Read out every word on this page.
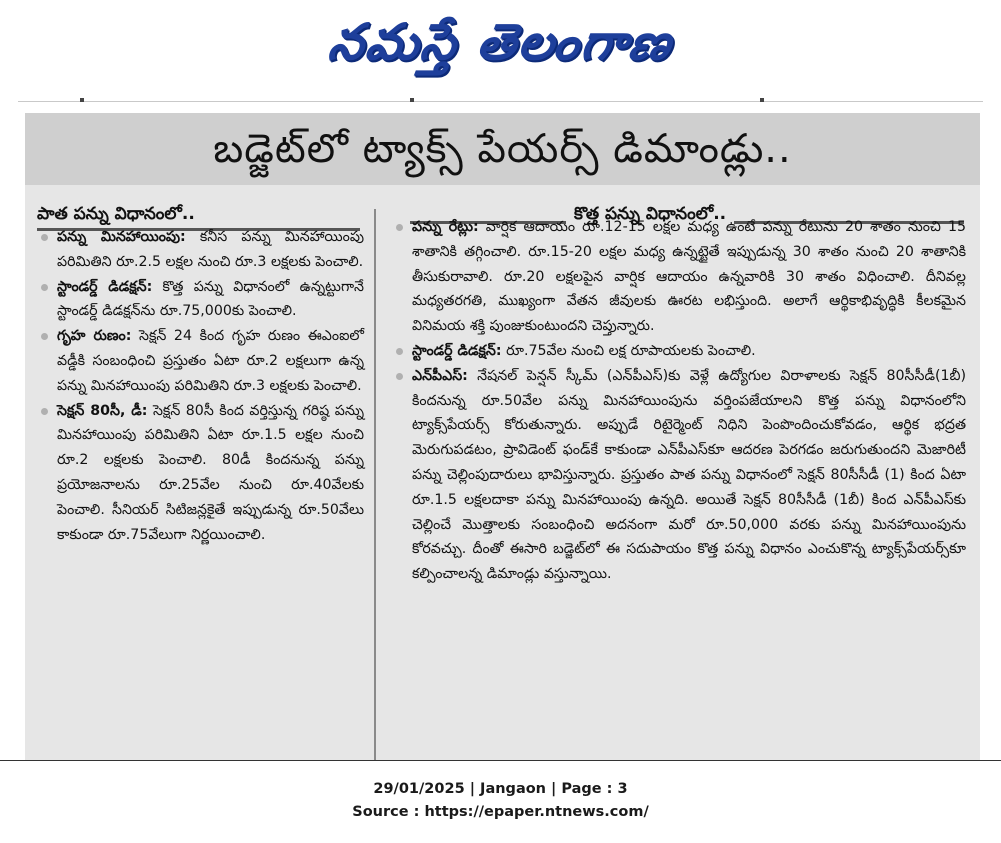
నమస్తే తెలంగాణ
బడ్జెట్‌లో ట్యాక్స్ పేయర్స్ డిమాండ్లు..
పాత పన్ను విధానంలో..
పన్ను మినహాయింపు: కనీస పన్ను మినహాయింపు పరిమితిని రూ.2.5 లక్షల నుంచి రూ.3 లక్షలకు పెంచాలి.
స్టాండర్డ్ డిడక్షన్: కొత్త పన్ను విధానంలో ఉన్నట్టుగానే స్టాండర్డ్ డిడక్షన్‌ను రూ.75,000కు పెంచాలి.
గృహ రుణం: సెక్షన్ 24 కింద గృహ రుణం ఈఎంఐలో వడ్డీకి సంబంధించి ప్రస్తుతం ఏటా రూ.2 లక్షలుగా ఉన్న పన్ను మినహాయింపు పరిమితిని రూ.3 లక్షలకు పెంచాలి.
సెక్షన్ 80సీ, డీ: సెక్షన్ 80సీ కింద వర్తిస్తున్న గరిష్ఠ పన్ను మినహాయింపు పరిమితిని ఏటా రూ.1.5 లక్షల నుంచి రూ.2 లక్షలకు పెంచాలి. 80డీ కిందనున్న పన్ను ప్రయోజనాలను రూ.25వేల నుంచి రూ.40వేలకు పెంచాలి. సీనియర్ సిటిజన్లకైతే ఇప్పుడున్న రూ.50వేలు కాకుండా రూ.75వేలుగా నిర్ణయించాలి.
కొత్త పన్ను విధానంలో..
పన్ను రేట్లు: వార్షిక ఆదాయం రూ.12-15 లక్షల మధ్య ఉంటే పన్ను రేటును 20 శాతం నుంచి 15 శాతానికి తగ్గించాలి. రూ.15-20 లక్షల మధ్య ఉన్నట్టైతే ఇప్పుడున్న 30 శాతం నుంచి 20 శాతానికి తీసుకురావాలి. రూ.20 లక్షలపైన వార్షిక ఆదాయం ఉన్నవారికి 30 శాతం విధించాలి. దీనివల్ల మధ్యతరగతి, ముఖ్యంగా వేతన జీవులకు ఊరట లభిస్తుంది. అలాగే ఆర్థికాభివృద్ధికి కీలకమైన వినిమయ శక్తి పుంజుకుంటుందని చెప్తున్నారు.
స్టాండర్డ్ డిడక్షన్: రూ.75వేల నుంచి లక్ష రూపాయలకు పెంచాలి.
ఎన్‌పీఎస్: నేషనల్ పెన్షన్ స్కీమ్ (ఎన్‌పీఎస్)కు వెళ్లే ఉద్యోగుల విరాళాలకు సెక్షన్ 80సీసీడీ(1బీ) కిందనున్న రూ.50వేల పన్ను మినహాయింపును వర్తింపజేయాలని కొత్త పన్ను విధానంలోని ట్యాక్స్‌పేయర్స్ కోరుతున్నారు. అప్పుడే రిటైర్మెంట్ నిధిని పెంపొందించుకోవడం, ఆర్థిక భద్రత మెరుగుపడటం, ప్రావిడెంట్ ఫండ్‌కే కాకుండా ఎన్‌పీఎస్‌కూ ఆదరణ పెరగడం జరుగుతుందని మెజారిటీ పన్ను చెల్లింపుదారులు భావిస్తున్నారు. ప్రస్తుతం పాత పన్ను విధానంలో సెక్షన్ 80సీసీడీ (1) కింద ఏటా రూ.1.5 లక్షలదాకా పన్ను మినహాయింపు ఉన్నది. అయితే సెక్షన్ 80సీసీడీ (1బీ) కింద ఎన్‌పీఎస్‌కు చెల్లించే మొత్తాలకు సంబంధించి అదనంగా మరో రూ.50,000 వరకు పన్ను మినహాయింపును కోరవచ్చు. దీంతో ఈసారి బడ్జెట్‌లో ఈ సదుపాయం కొత్త పన్ను విధానం ఎంచుకొన్న ట్యాక్స్‌పేయర్స్‌కూ కల్పించాలన్న డిమాండ్లు వస్తున్నాయి.
29/01/2025 | Jangaon | Page : 3
Source : https://epaper.ntnews.com/
